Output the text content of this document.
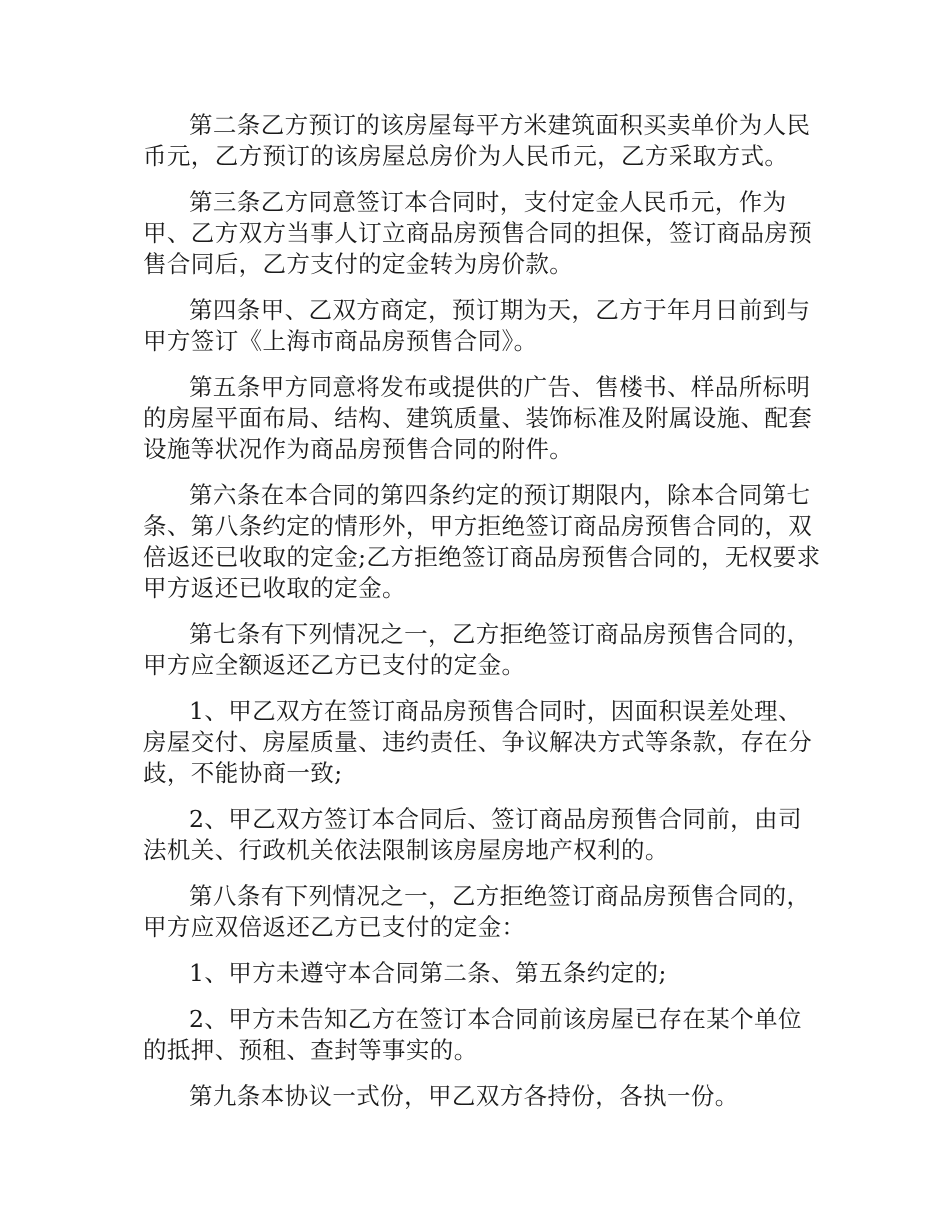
第二条乙方预订的该房屋每平方米建筑面积买卖单价为人民币元，乙方预订的该房屋总房价为人民币元，乙方采取方式。

第三条乙方同意签订本合同时，支付定金人民币元，作为甲、乙方双方当事人订立商品房预售合同的担保，签订商品房预售合同后，乙方支付的定金转为房价款。

第四条甲、乙双方商定，预订期为天，乙方于年月日前到与甲方签订《上海市商品房预售合同》。

第五条甲方同意将发布或提供的广告、售楼书、样品所标明的房屋平面布局、结构、建筑质量、装饰标准及附属设施、配套设施等状况作为商品房预售合同的附件。

第六条在本合同的第四条约定的预订期限内，除本合同第七条、第八条约定的情形外，甲方拒绝签订商品房预售合同的，双倍返还已收取的定金;乙方拒绝签订商品房预售合同的，无权要求甲方返还已收取的定金。

第七条有下列情况之一，乙方拒绝签订商品房预售合同的，甲方应全额返还乙方已支付的定金。

1、甲乙双方在签订商品房预售合同时，因面积误差处理、房屋交付、房屋质量、违约责任、争议解决方式等条款，存在分歧，不能协商一致;

2、甲乙双方签订本合同后、签订商品房预售合同前，由司法机关、行政机关依法限制该房屋房地产权利的。

第八条有下列情况之一，乙方拒绝签订商品房预售合同的，甲方应双倍返还乙方已支付的定金：

1、甲方未遵守本合同第二条、第五条约定的;

2、甲方未告知乙方在签订本合同前该房屋已存在某个单位的抵押、预租、查封等事实的。

第九条本协议一式份，甲乙双方各持份，各执一份。
